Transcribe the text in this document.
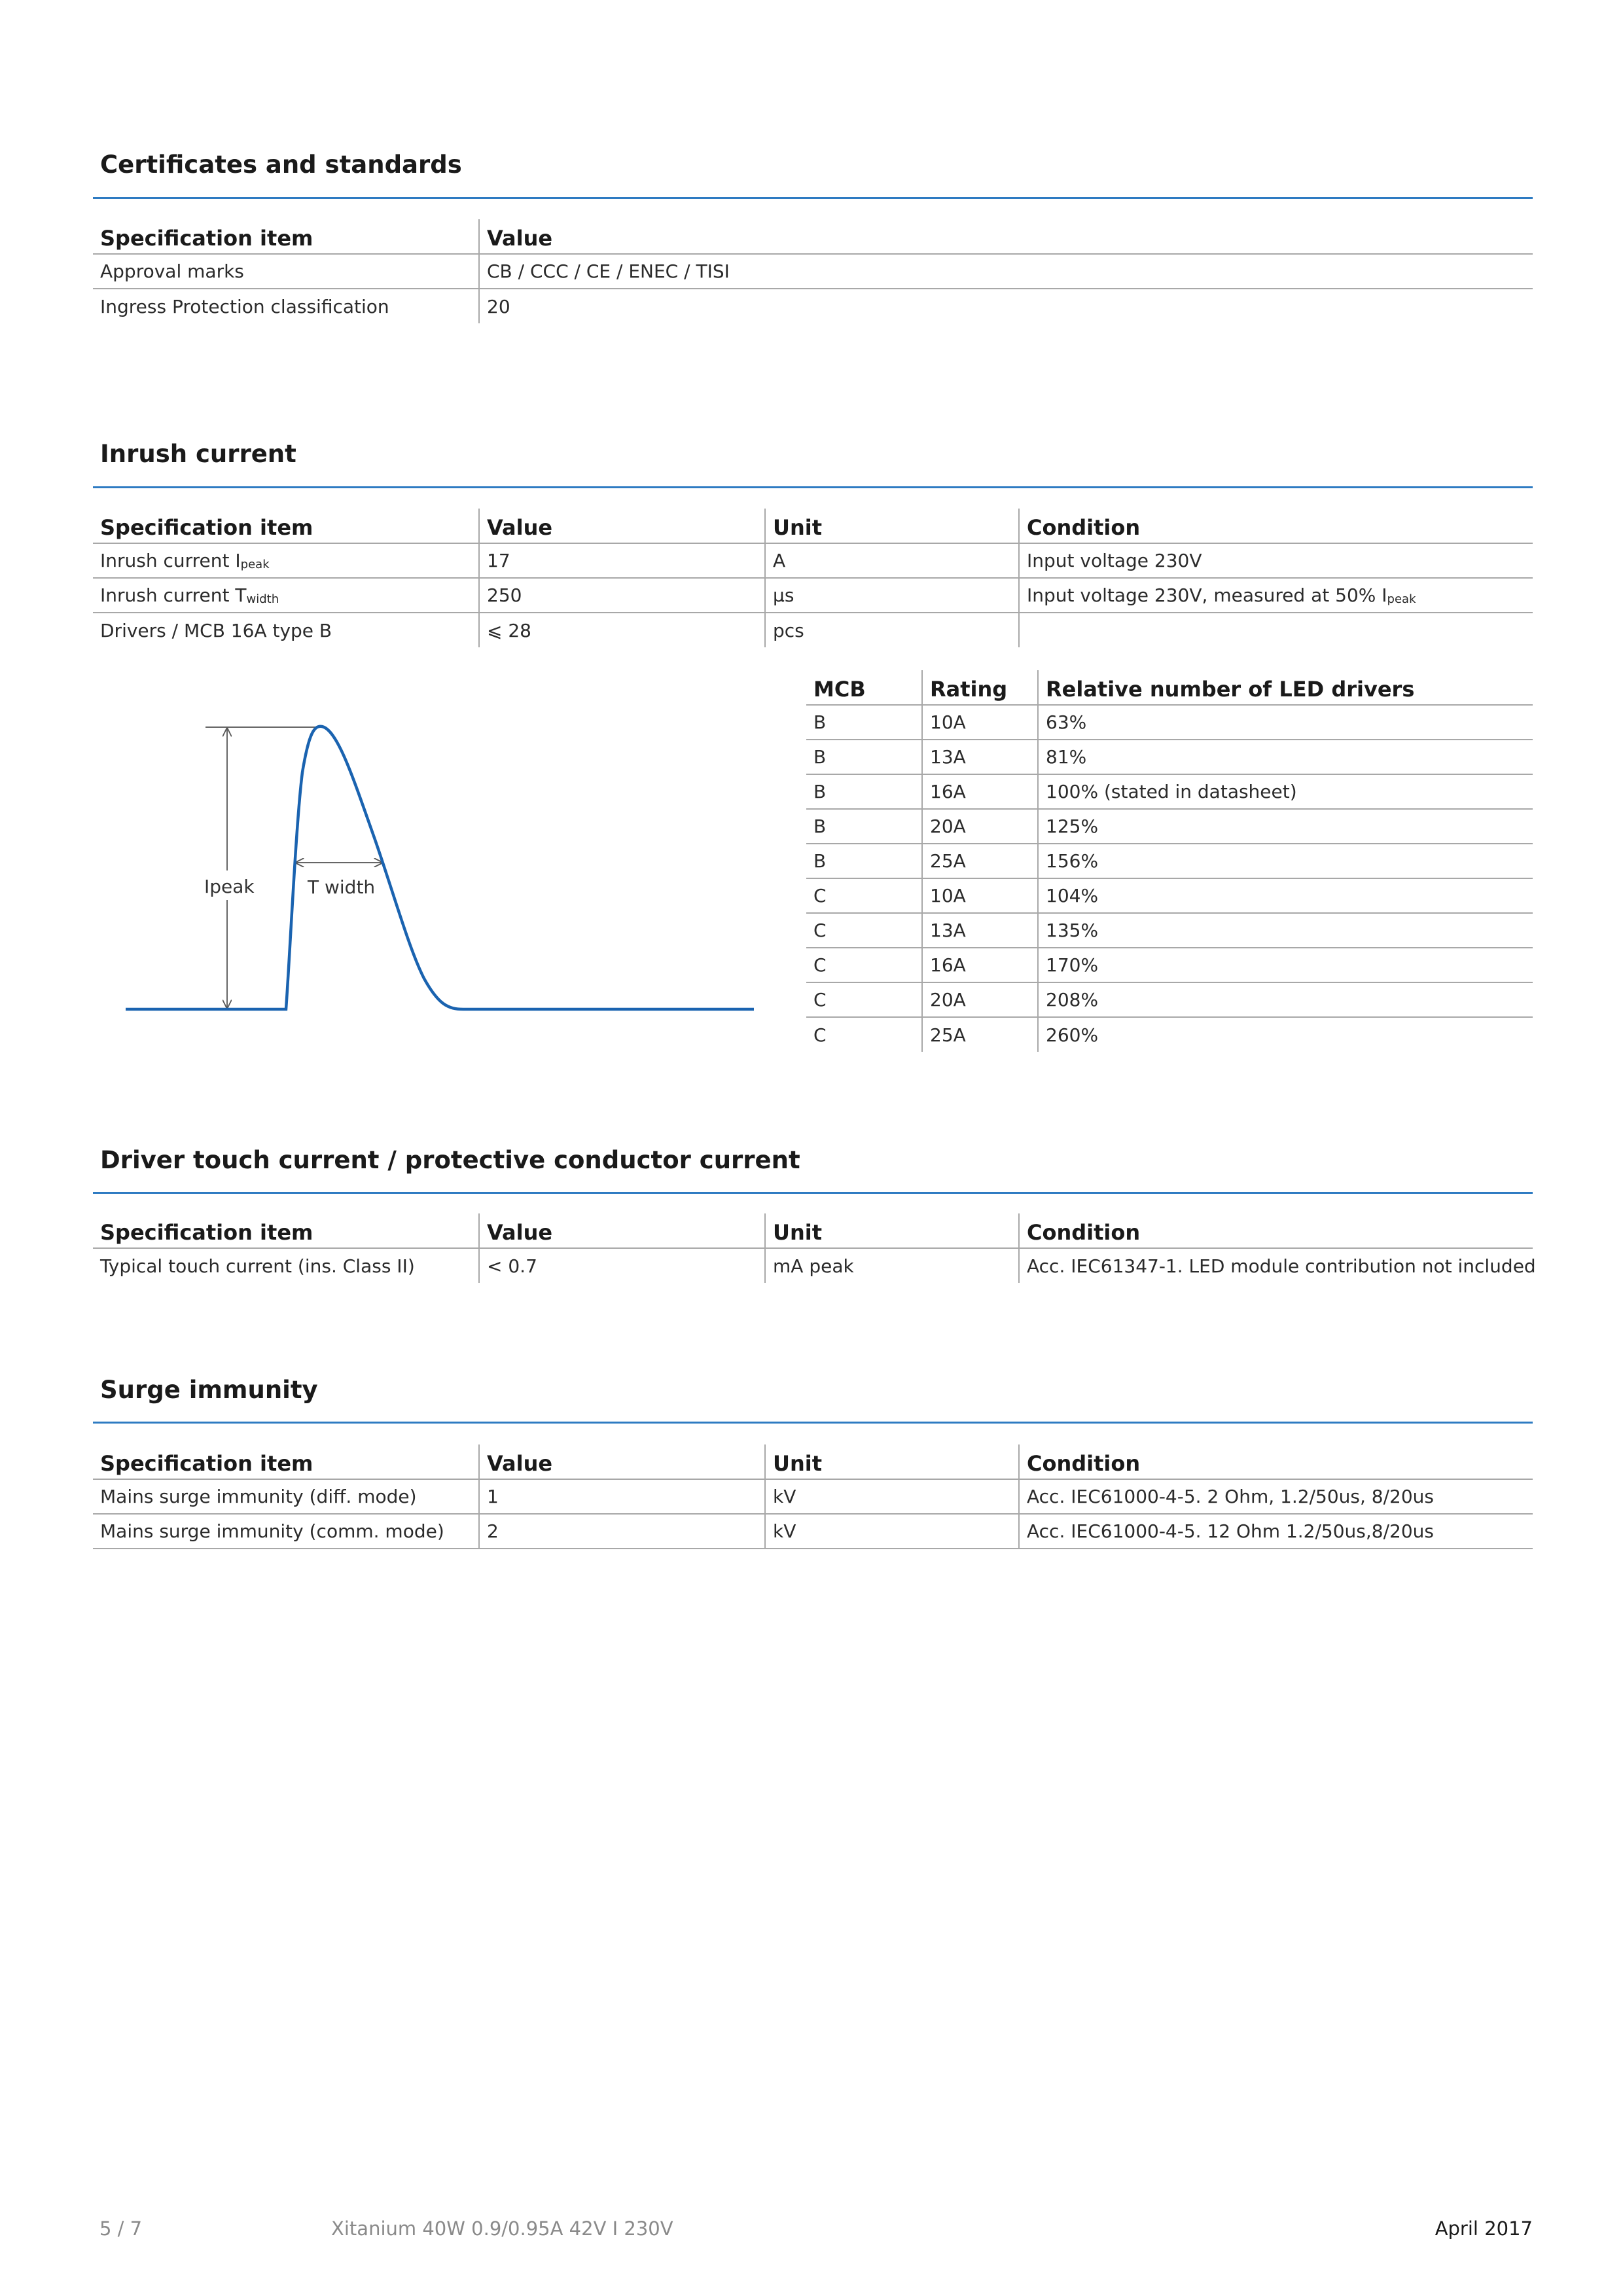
Certificates and standards
Specification item	Value
Approval marks	CB / CCC / CE / ENEC / TISI
Ingress Protection classification	20
Inrush current
Specification item	Value	Unit	Condition
Inrush current $I_{peak}$	17	A	Input voltage 230V
Inrush current $T_{width}$	250	μs	Input voltage 230V, measured at 50% $I_{peak}$
Drivers / MCB 16A type B	⩽ 28	pcs	
Ipeak	T width
MCB	Rating	Relative number of LED drivers
B	10A	63%
B	13A	81%
B	16A	100% (stated in datasheet)
B	20A	125%
B	25A	156%
C	10A	104%
C	13A	135%
C	16A	170%
C	20A	208%
C	25A	260%
Driver touch current / protective conductor current
Specification item	Value	Unit	Condition
Typical touch current (ins. Class II)	< 0.7	mA peak	Acc. IEC61347-1. LED module contribution not included
Surge immunity
Specification item	Value	Unit	Condition
Mains surge immunity (diff. mode)	1	kV	Acc. IEC61000-4-5. 2 Ohm, 1.2/50us, 8/20us
Mains surge immunity (comm. mode)	2	kV	Acc. IEC61000-4-5. 12 Ohm 1.2/50us,8/20us
5 / 7	Xitanium 40W 0.9/0.95A 42V I 230V	April 2017
